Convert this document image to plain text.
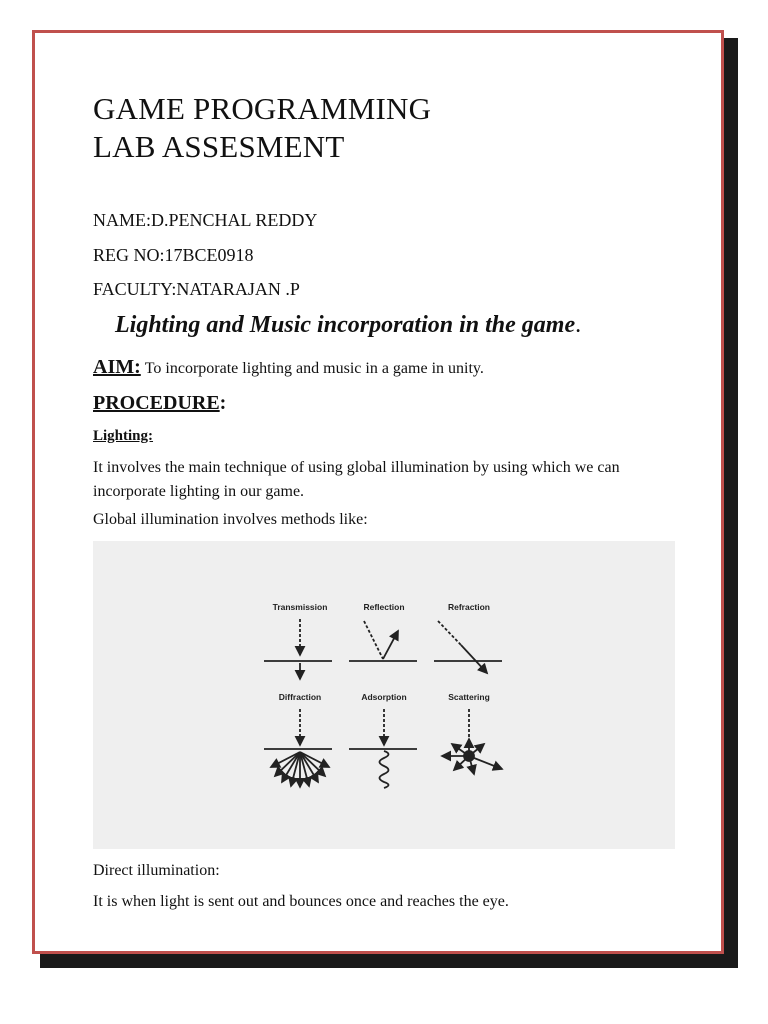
GAME PROGRAMMING
LAB ASSESMENT
NAME:D.PENCHAL REDDY
REG NO:17BCE0918
FACULTY:NATARAJAN .P
Lighting and Music incorporation in the game.
AIM: To incorporate lighting and music in a game in unity.
PROCEDURE:
Lighting:
It involves the main technique of using global illumination by using which we can incorporate lighting in our game.
Global illumination involves methods like:
Transmission	Reflection	Refraction
Diffraction	Adsorption	Scattering
Direct illumination:
It is when light is sent out and bounces once and reaches the eye.
